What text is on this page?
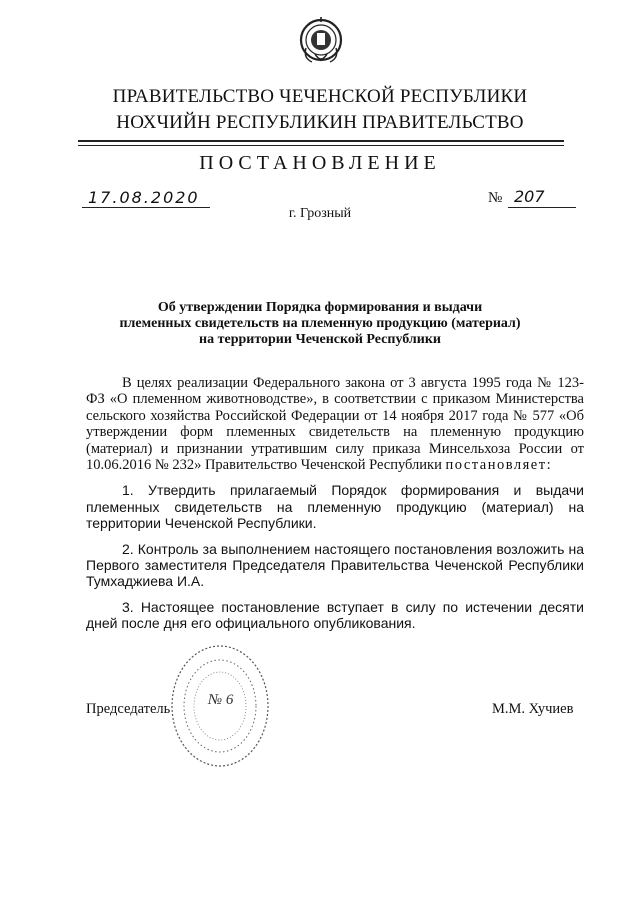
ПРАВИТЕЛЬСТВО ЧЕЧЕНСКОЙ РЕСПУБЛИКИ
НОХЧИЙН РЕСПУБЛИКИН ПРАВИТЕЛЬСТВО
ПОСТАНОВЛЕНИЕ
17.08.2020	№ 207
г. Грозный
Об утверждении Порядка формирования и выдачи
племенных свидетельств на племенную продукцию (материал)
на территории Чеченской Республики

В целях реализации Федерального закона от 3 августа 1995 года № 123-ФЗ «О племенном животноводстве», в соответствии с приказом Министерства сельского хозяйства Российской Федерации от 14 ноября 2017 года № 577 «Об утверждении форм племенных свидетельств на племенную продукцию (материал) и признании утратившим силу приказа Минсельхоза России от 10.06.2016 № 232» Правительство Чеченской Республики постановляет:

1. Утвердить прилагаемый Порядок формирования и выдачи племенных свидетельств на племенную продукцию (материал) на территории Чеченской Республики.

2. Контроль за выполнением настоящего постановления возложить на Первого заместителя Председателя Правительства Чеченской Республики Тумхаджиева И.А.

3. Настоящее постановление вступает в силу по истечении десяти дней после дня его официального опубликования.

№ 6
Председатель	М.М. Хучиев
